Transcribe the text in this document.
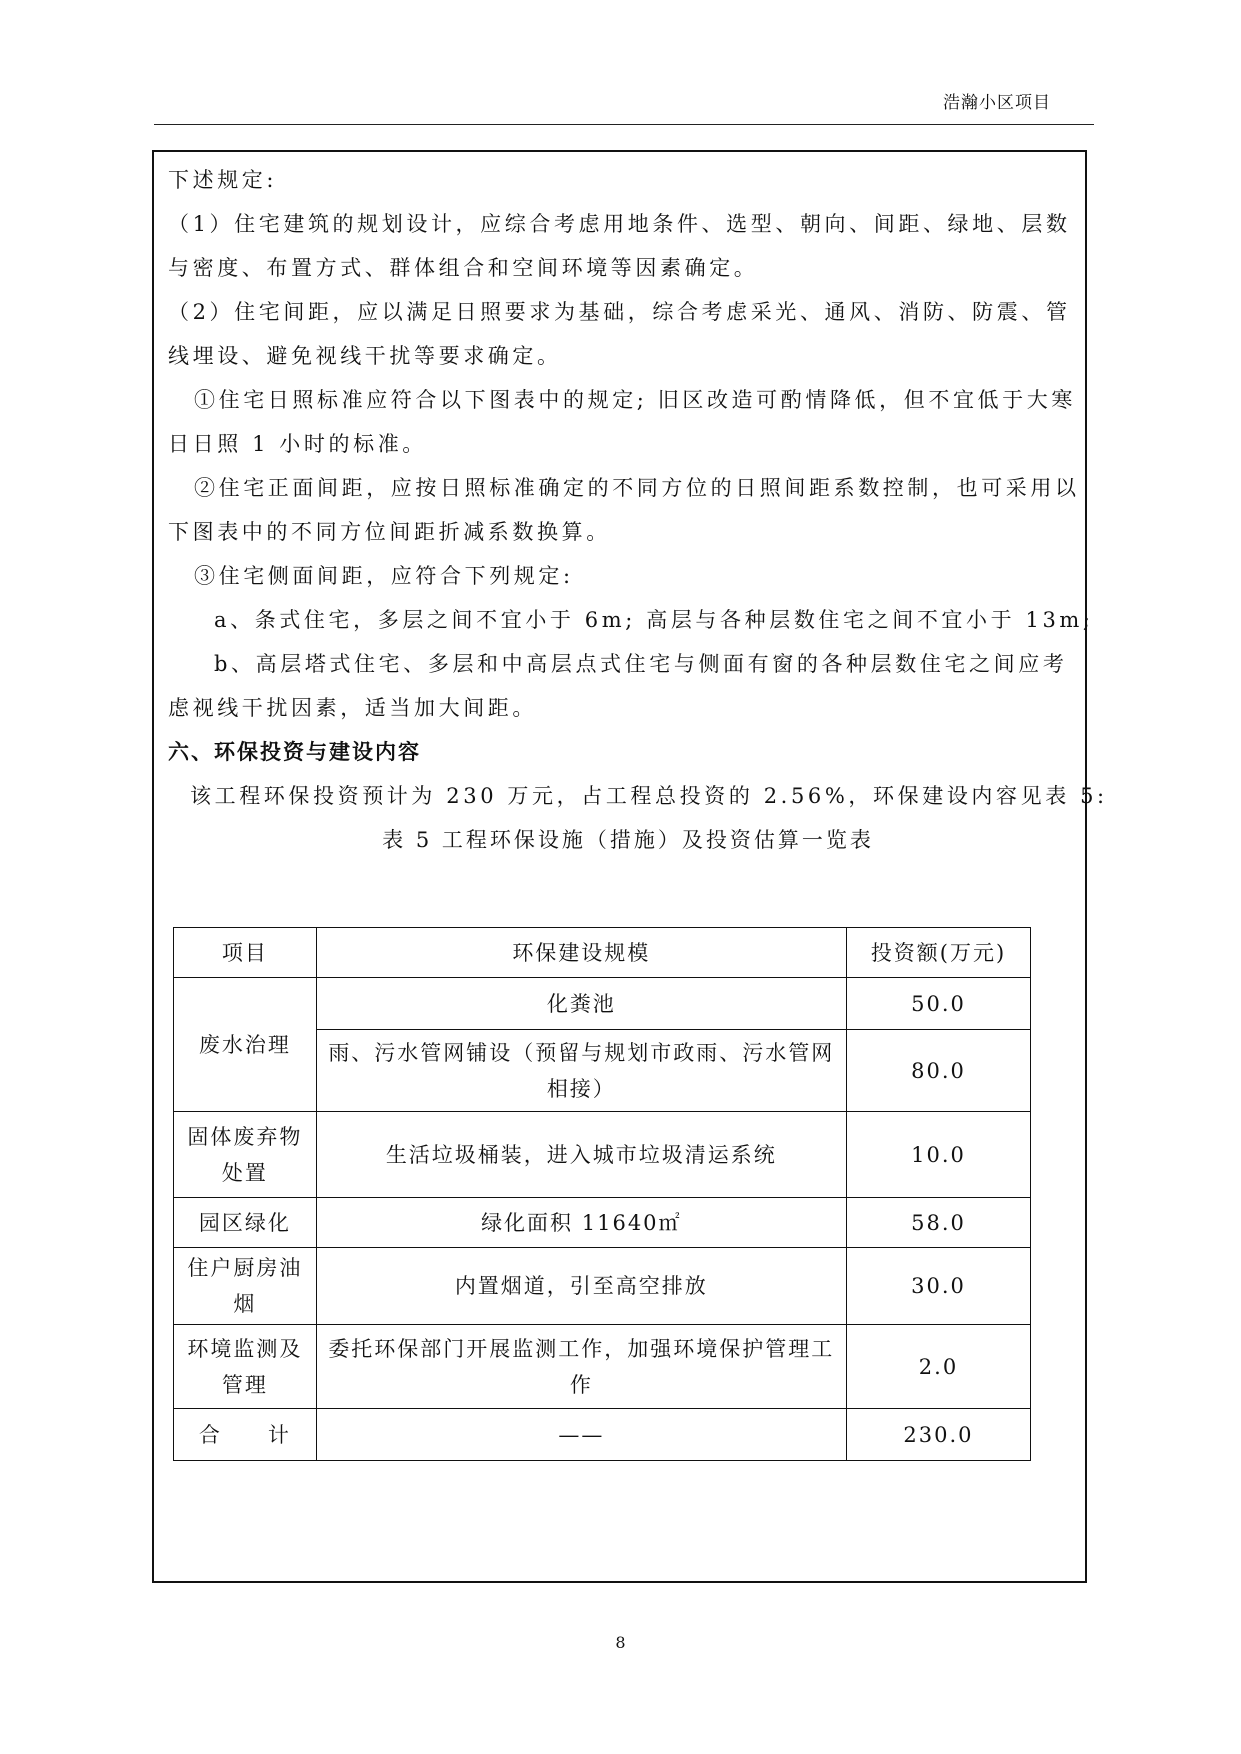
浩瀚小区项目

下述规定:

（1）住宅建筑的规划设计，应综合考虑用地条件、选型、朝向、间距、绿地、层数

与密度、布置方式、群体组合和空间环境等因素确定。

（2）住宅间距，应以满足日照要求为基础，综合考虑采光、通风、消防、防震、管

线埋设、避免视线干扰等要求确定。

①住宅日照标准应符合以下图表中的规定; 旧区改造可酌情降低，但不宜低于大寒

日日照 1 小时的标准。

②住宅正面间距，应按日照标准确定的不同方位的日照间距系数控制，也可采用以

下图表中的不同方位间距折减系数换算。

③住宅侧面间距，应符合下列规定:

a、条式住宅，多层之间不宜小于 6m; 高层与各种层数住宅之间不宜小于 13m;

b、高层塔式住宅、多层和中高层点式住宅与侧面有窗的各种层数住宅之间应考

虑视线干扰因素，适当加大间距。

六、环保投资与建设内容

该工程环保投资预计为 230 万元，占工程总投资的 2.56%，环保建设内容见表 5:

表 5 工程环保设施（措施）及投资估算一览表

项目	环保建设规模	投资额(万元)
废水治理	化粪池	50.0
	雨、污水管网铺设（预留与规划市政雨、污水管网相接）	80.0
固体废弃物处置	生活垃圾桶装，进入城市垃圾清运系统	10.0
园区绿化	绿化面积 11640㎡	58.0
住户厨房油烟	内置烟道，引至高空排放	30.0
环境监测及管理	委托环保部门开展监测工作，加强环境保护管理工作	2.0
合　　计	——	230.0
8
